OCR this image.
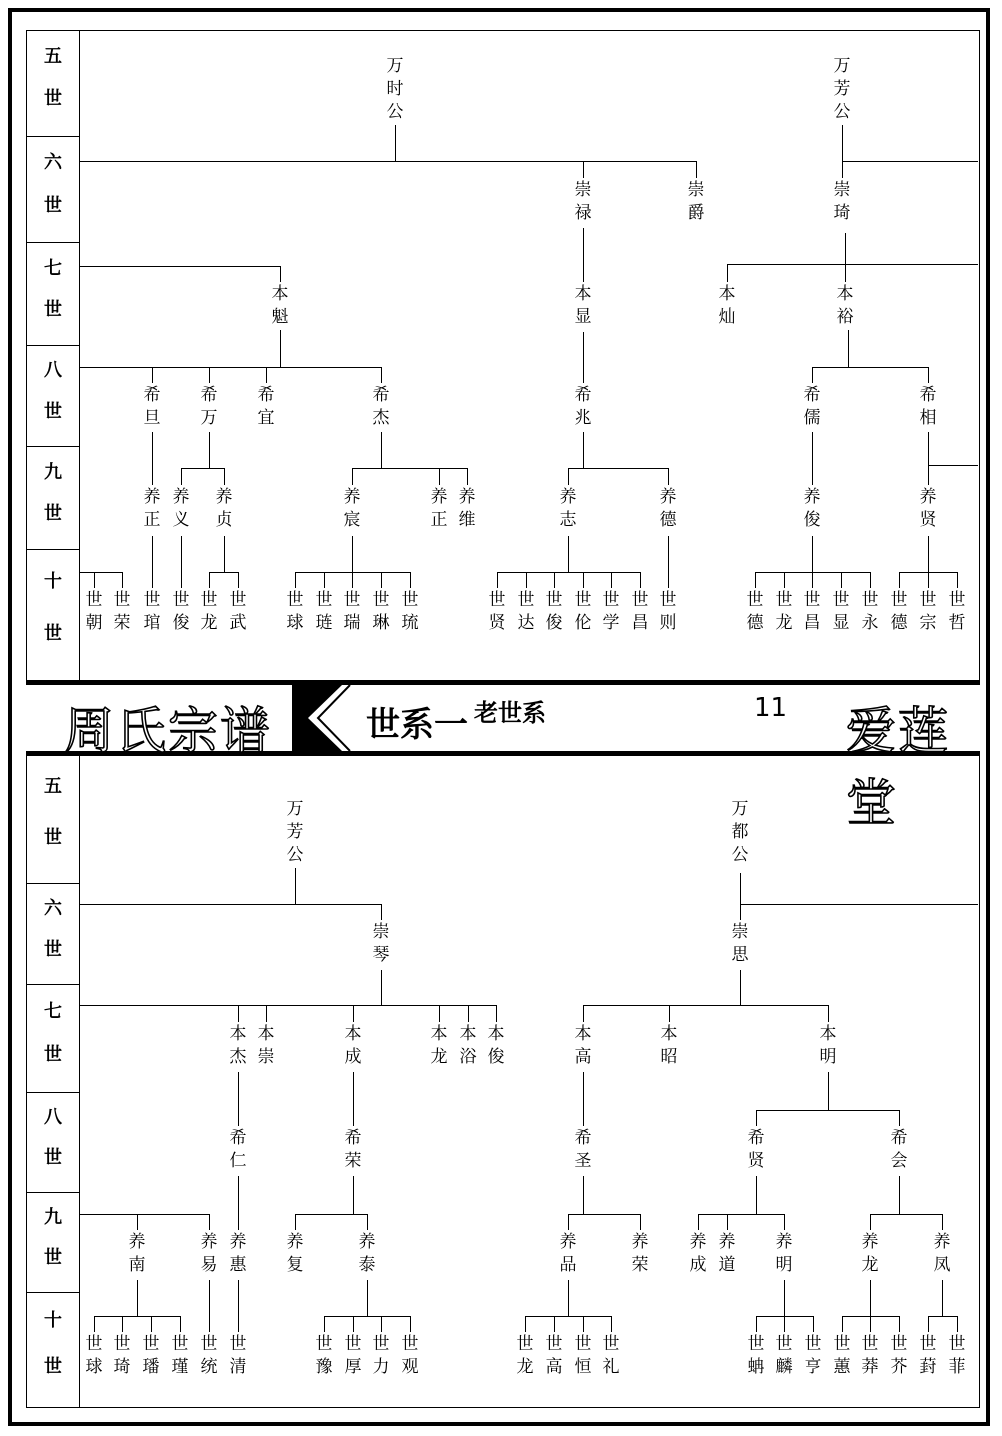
五
世
六
世
七
世
八
世
九
世
十
世
五
世
六
世
七
世
八
世
九
世
十
世
周氏宗谱	世系一 老世系	11 爱莲堂
万
时
公
万
芳
公
崇
禄
崇
爵
崇
琦
本
魁
本
显
本
灿
本
裕
希
旦
希
万
希
宜
希
杰
希
兆
希
儒
希
相
养
正
养
义
养
贞
养
宸
养
正
养
维
养
志
养
德
养
俊
养
贤
世
朝
世
荣
世
琯
世
俊
世
龙
世
武
世
球
世
琏
世
瑞
世
琳
世
琉
世
贤
世
达
世
俊
世
伦
世
学
世
昌
世
则
世
德
世
龙
世
昌
世
显
世
永
世
德
世
宗
世
哲
万
芳
公
万
都
公
崇
琴
崇
思
本
杰
本
崇
本
成
本
龙
本
浴
本
俊
本
高
本
昭
本
明
希
仁
希
荣
希
圣
希
贤
希
会
养
南
养
易
养
惠
养
复
养
泰
养
品
养
荣
养
成
养
道
养
明
养
龙
养
凤
世
球
世
琦
世
璠
世
瑾
世
统
世
清
世
豫
世
厚
世
力
世
观
世
龙
世
高
世
恒
世
礼
世
蚺
世
麟
世
亨
世
蕙
世
莽
世
芥
世
葑
世
菲
